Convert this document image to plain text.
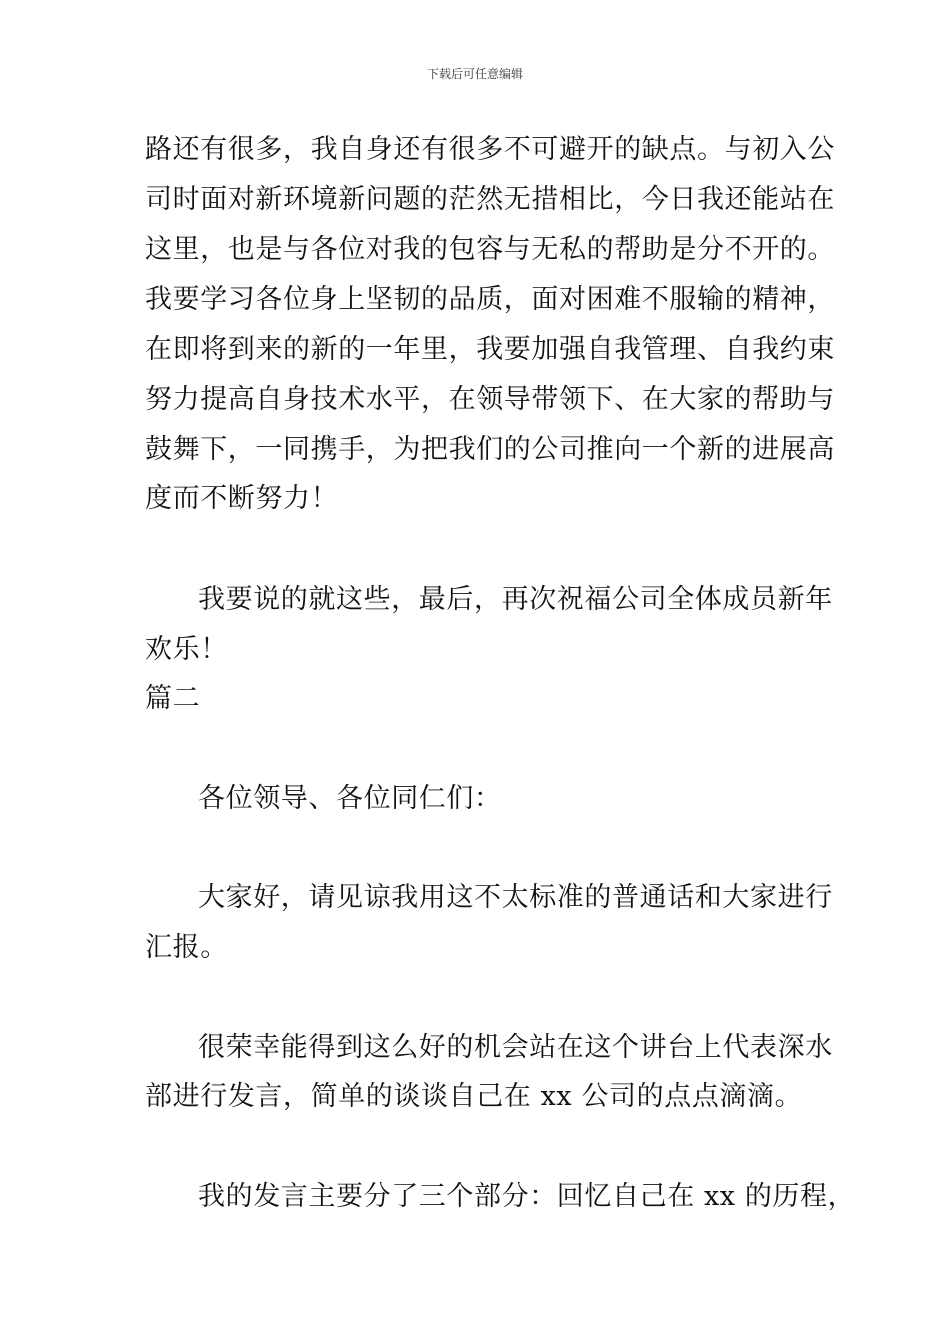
下载后可任意编辑
路还有很多，我自身还有很多不可避开的缺点。与初入公
司时面对新环境新问题的茫然无措相比，今日我还能站在
这里，也是与各位对我的包容与无私的帮助是分不开的。
我要学习各位身上坚韧的品质，面对困难不服输的精神，
在即将到来的新的一年里，我要加强自我管理、自我约束
努力提高自身技术水平，在领导带领下、在大家的帮助与
鼓舞下，一同携手，为把我们的公司推向一个新的进展高
度而不断努力！
我要说的就这些，最后，再次祝福公司全体成员新年
欢乐！
篇二
各位领导、各位同仁们：
大家好，请见谅我用这不太标准的普通话和大家进行
汇报。
很荣幸能得到这么好的机会站在这个讲台上代表深水
部进行发言，简单的谈谈自己在 xx 公司的点点滴滴。
我的发言主要分了三个部分：回忆自己在 xx 的历程，
